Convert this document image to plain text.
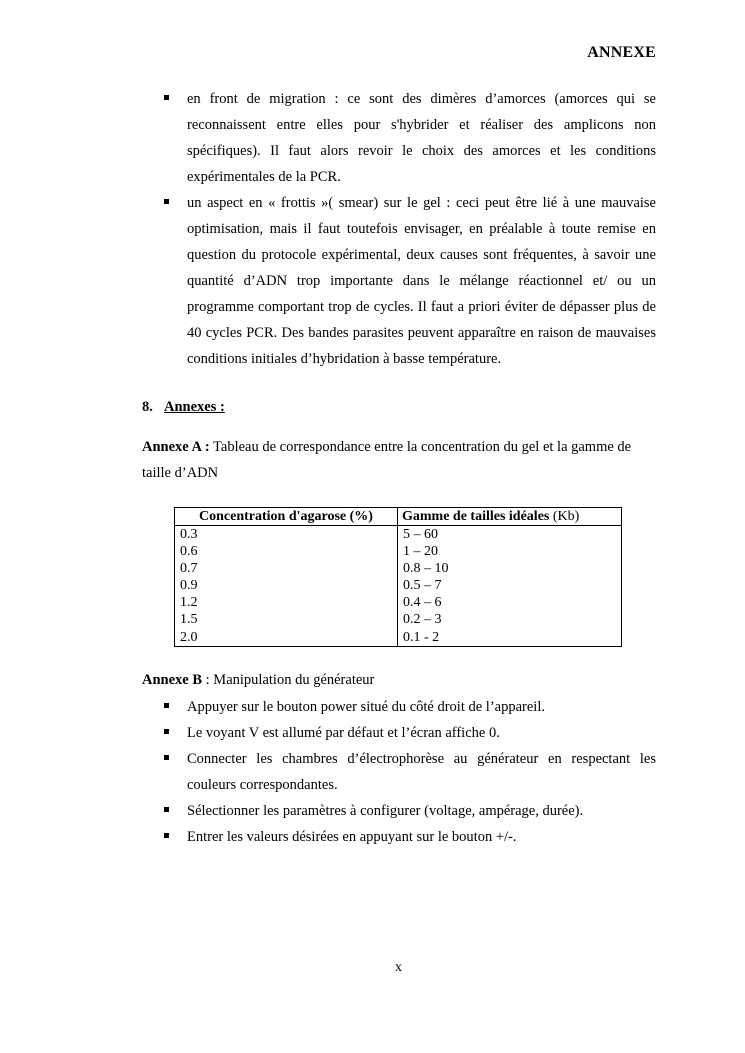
ANNEXE
en front de migration : ce sont des dimères d’amorces (amorces qui se reconnaissent entre elles pour s'hybrider et réaliser des amplicons non spécifiques). Il faut alors revoir le choix des amorces et les conditions expérimentales de la PCR.
un aspect en « frottis »( smear) sur le gel : ceci peut être lié à une mauvaise optimisation, mais il faut toutefois envisager, en préalable à toute remise en question du protocole expérimental, deux causes sont fréquentes, à savoir une quantité d’ADN trop importante dans le mélange réactionnel et/ ou un programme comportant trop de cycles. Il faut a priori éviter de dépasser plus de 40 cycles PCR. Des bandes parasites peuvent apparaître en raison de mauvaises conditions initiales d’hybridation à basse température.
8. Annexes :
Annexe A : Tableau de correspondance entre la concentration du gel et la gamme de taille d’ADN
Concentration d'agarose (%)	Gamme de tailles idéales (Kb)
0.3	5 – 60
0.6	1 – 20
0.7	0.8 – 10
0.9	0.5 – 7
1.2	0.4 – 6
1.5	0.2 – 3
2.0	0.1 - 2
Annexe B : Manipulation du générateur
Appuyer sur le bouton power situé du côté droit de l’appareil.
Le voyant V est allumé par défaut et l’écran affiche 0.
Connecter les chambres d’électrophorèse au générateur en respectant les couleurs correspondantes.
Sélectionner les paramètres à configurer (voltage, ampérage, durée).
Entrer les valeurs désirées en appuyant sur le bouton +/-.
x
